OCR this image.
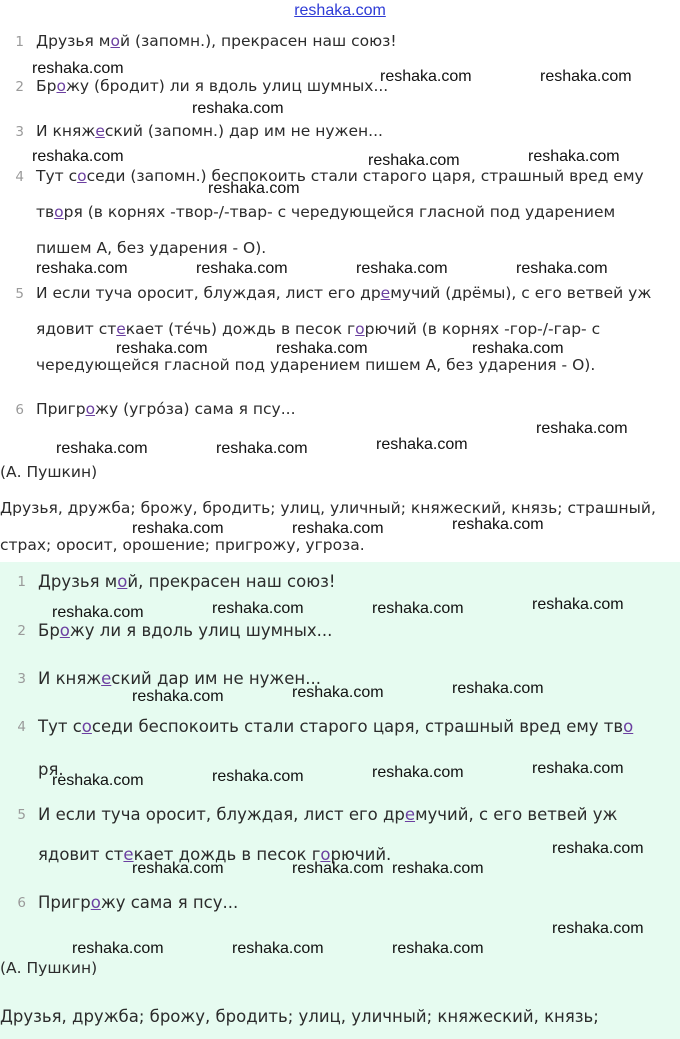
reshaka.com
1 Друзья мой (запомн.), прекрасен наш союз!
2 Брожу (бродит) ли я вдоль улиц шумных...
3 И княжеский (запомн.) дар им не нужен...
4 Тут соседи (запомн.) беспокоить стали старого царя, страшный вред ему
творя (в корнях -твор-/-твар- с чередующейся гласной под ударением
пишем А, без ударения - О).
5 И если туча оросит, блуждая, лист его дремучий (дрёмы), с его ветвей уж
ядовит стекает (тéчь) дождь в песок горючий (в корнях -гор-/-гар- с
чередующейся гласной под ударением пишем А, без ударения - О).
6 Пригрожу (угрóза) сама я псу...
(А. Пушкин)
Друзья, дружба; брожу, бродить; улиц, уличный; княжеский, князь; страшный,
страх; оросит, орошение; пригрожу, угроза.
1 Друзья мой, прекрасен наш союз!
2 Брожу ли я вдоль улиц шумных...
3 И княжеский дар им не нужен...
4 Тут соседи беспокоить стали старого царя, страшный вред ему тво
ря.
5 И если туча оросит, блуждая, лист его дремучий, с его ветвей уж
ядовит стекает дождь в песок горючий.
6 Пригрожу сама я псу...
(А. Пушкин)
Друзья, дружба; брожу, бродить; улиц, уличный; княжеский, князь;
reshaka.com	reshaka.com	reshaka.com
reshaka.com
reshaka.com	reshaka.com	reshaka.com
reshaka.com
reshaka.com	reshaka.com	reshaka.com	reshaka.com
reshaka.com	reshaka.com	reshaka.com
reshaka.com
reshaka.com	reshaka.com	reshaka.com
reshaka.com	reshaka.com	reshaka.com
reshaka.com	reshaka.com	reshaka.com	reshaka.com
reshaka.com	reshaka.com	reshaka.com
reshaka.com	reshaka.com	reshaka.com	reshaka.com
reshaka.com
reshaka.com	reshaka.com reshaka.com
reshaka.com
reshaka.com	reshaka.com	reshaka.com
